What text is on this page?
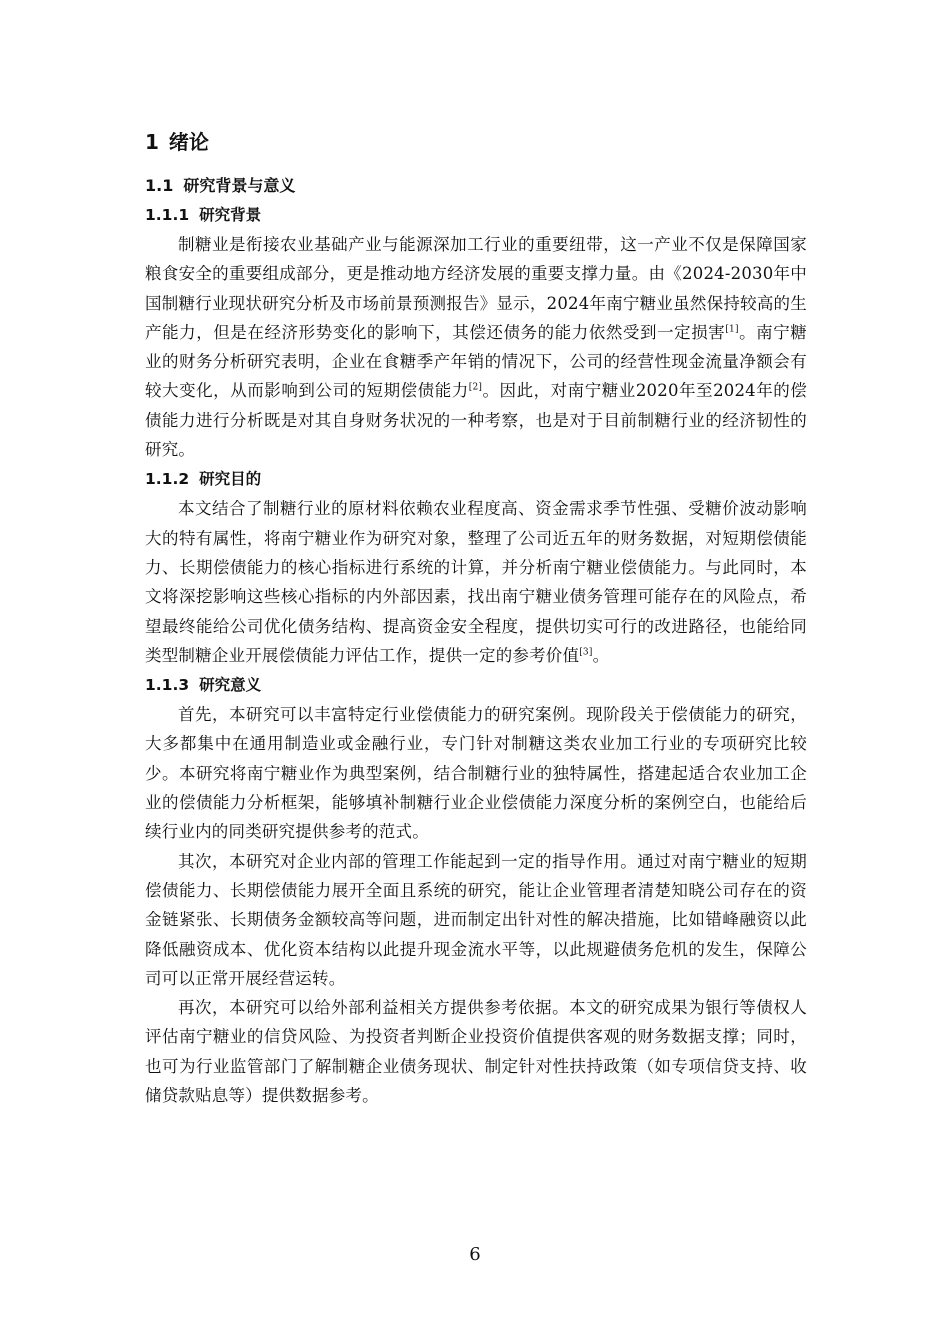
1 绪论
1.1 研究背景与意义
1.1.1 研究背景

制糖业是衔接农业基础产业与能源深加工行业的重要纽带，这一产业不仅是保障国家粮食安全的重要组成部分，更是推动地方经济发展的重要支撑力量。由《2024-2030年中国制糖行业现状研究分析及市场前景预测报告》显示，2024年南宁糖业虽然保持较高的生产能力，但是在经济形势变化的影响下，其偿还债务的能力依然受到一定损害[1]。南宁糖业的财务分析研究表明，企业在食糖季产年销的情况下，公司的经营性现金流量净额会有较大变化，从而影响到公司的短期偿债能力[2]。因此，对南宁糖业2020年至2024年的偿债能力进行分析既是对其自身财务状况的一种考察，也是对于目前制糖行业的经济韧性的研究。

1.1.2 研究目的

本文结合了制糖行业的原材料依赖农业程度高、资金需求季节性强、受糖价波动影响大的特有属性，将南宁糖业作为研究对象，整理了公司近五年的财务数据，对短期偿债能力、长期偿债能力的核心指标进行系统的计算，并分析南宁糖业偿债能力。与此同时，本文将深挖影响这些核心指标的内外部因素，找出南宁糖业债务管理可能存在的风险点，希望最终能给公司优化债务结构、提高资金安全程度，提供切实可行的改进路径，也能给同类型制糖企业开展偿债能力评估工作，提供一定的参考价值[3]。

1.1.3 研究意义

首先，本研究可以丰富特定行业偿债能力的研究案例。现阶段关于偿债能力的研究，大多都集中在通用制造业或金融行业，专门针对制糖这类农业加工行业的专项研究比较少。本研究将南宁糖业作为典型案例，结合制糖行业的独特属性，搭建起适合农业加工企业的偿债能力分析框架，能够填补制糖行业企业偿债能力深度分析的案例空白，也能给后续行业内的同类研究提供参考的范式。

其次，本研究对企业内部的管理工作能起到一定的指导作用。通过对南宁糖业的短期偿债能力、长期偿债能力展开全面且系统的研究，能让企业管理者清楚知晓公司存在的资金链紧张、长期债务金额较高等问题，进而制定出针对性的解决措施，比如错峰融资以此降低融资成本、优化资本结构以此提升现金流水平等，以此规避债务危机的发生，保障公司可以正常开展经营运转。

再次，本研究可以给外部利益相关方提供参考依据。本文的研究成果为银行等债权人评估南宁糖业的信贷风险、为投资者判断企业投资价值提供客观的财务数据支撑；同时，也可为行业监管部门了解制糖企业债务现状、制定针对性扶持政策（如专项信贷支持、收储贷款贴息等）提供数据参考。

6
